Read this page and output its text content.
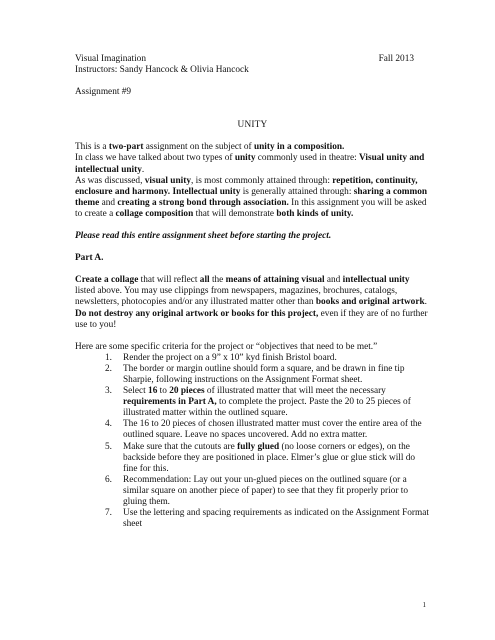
Visual Imagination	Fall 2013
Instructors: Sandy Hancock & Olivia Hancock
Assignment #9
UNITY

This is a two-part assignment on the subject of unity in a composition.
In class we have talked about two types of unity commonly used in theatre: Visual unity and intellectual unity.
As was discussed, visual unity, is most commonly attained through: repetition, continuity, enclosure and harmony. Intellectual unity is generally attained through: sharing a common theme and creating a strong bond through association. In this assignment you will be asked to create a collage composition that will demonstrate both kinds of unity.

Please read this entire assignment sheet before starting the project.

Part A.

Create a collage that will reflect all the means of attaining visual and intellectual unity listed above. You may use clippings from newspapers, magazines, brochures, catalogs, newsletters, photocopies and/or any illustrated matter other than books and original artwork. Do not destroy any original artwork or books for this project, even if they are of no further use to you!

Here are some specific criteria for the project or “objectives that need to be met.”

1.	Render the project on a 9” x 10” kyd finish Bristol board.
2.	The border or margin outline should form a square, and be drawn in fine tip Sharpie, following instructions on the Assignment Format sheet.
3.	Select 16 to 20 pieces of illustrated matter that will meet the necessary requirements in Part A, to complete the project. Paste the 20 to 25 pieces of illustrated matter within the outlined square.
4.	The 16 to 20 pieces of chosen illustrated matter must cover the entire area of the outlined square. Leave no spaces uncovered. Add no extra matter.
5.	Make sure that the cutouts are fully glued (no loose corners or edges), on the backside before they are positioned in place. Elmer’s glue or glue stick will do fine for this.
6.	Recommendation: Lay out your un-glued pieces on the outlined square (or a similar square on another piece of paper) to see that they fit properly prior to gluing them.
7.	Use the lettering and spacing requirements as indicated on the Assignment Format sheet
1
